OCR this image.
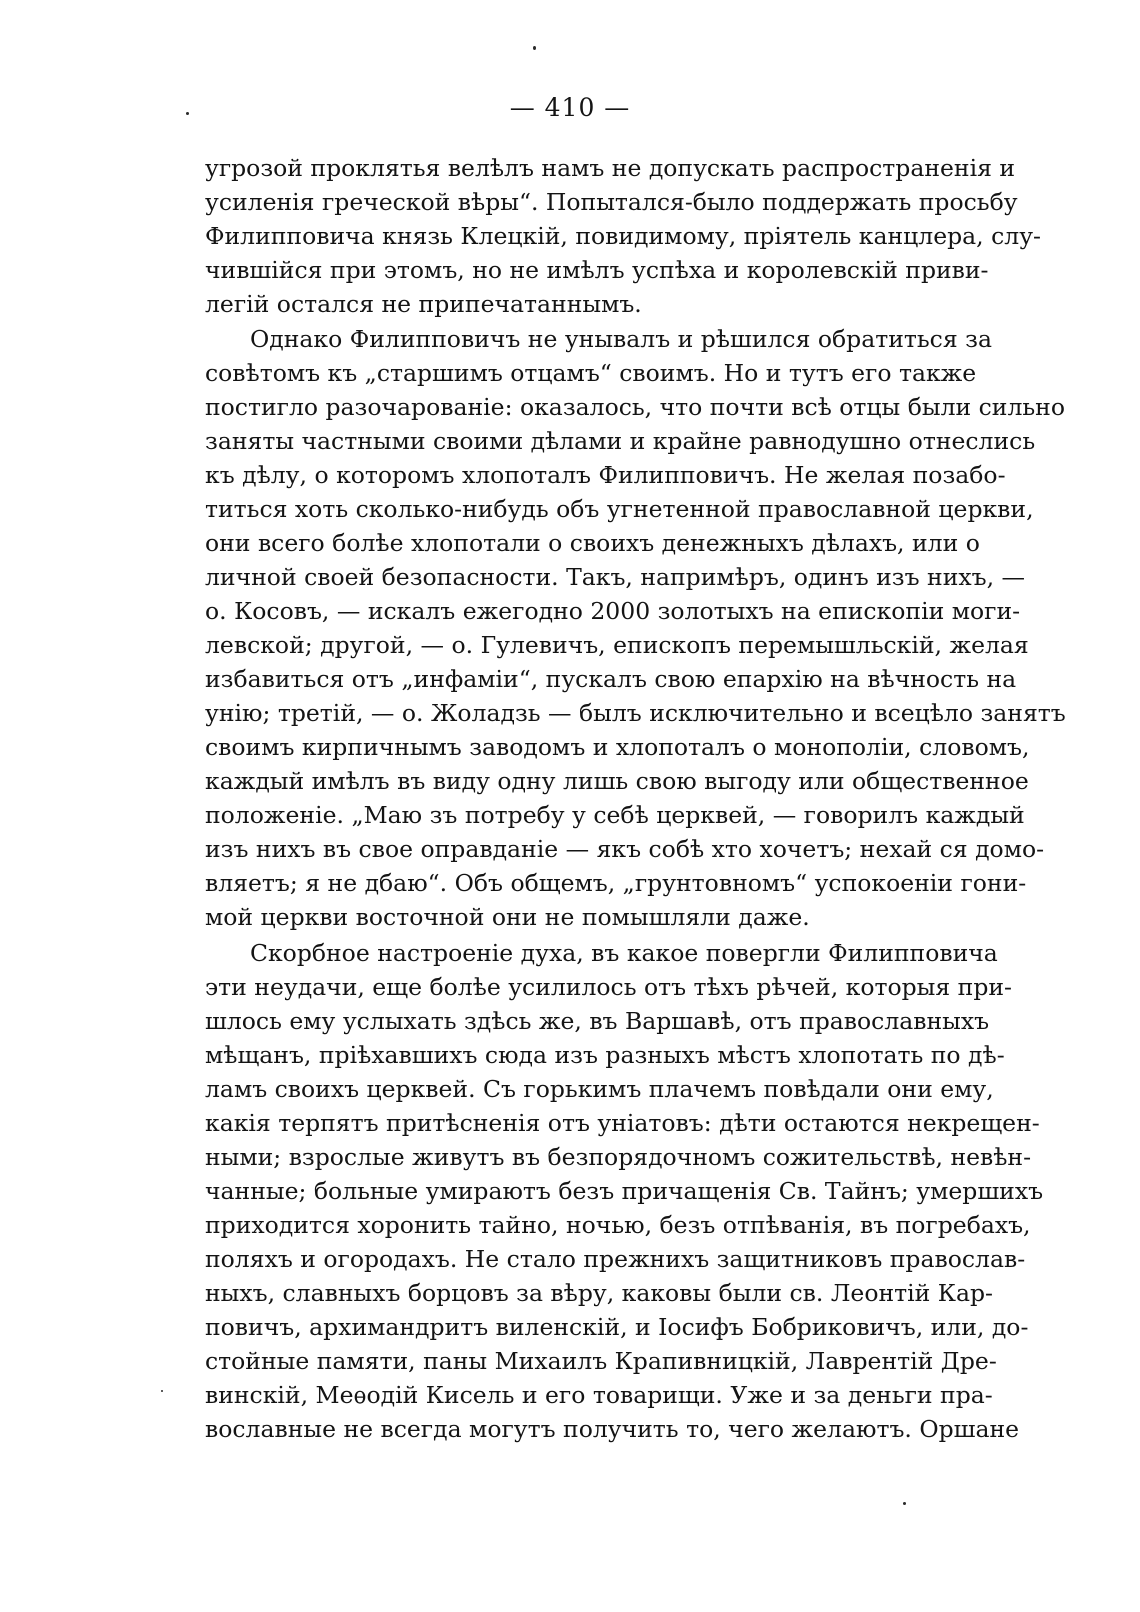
— 410 —
угрозой проклятья велѣлъ намъ не допускать распространенія и
усиленія греческой вѣры“. Попытался-было поддержать просьбу
Филипповича князь Клецкій, повидимому, пріятель канцлера, слу-
чившійся при этомъ, но не имѣлъ успѣха и королевскій приви-
легій остался не припечатаннымъ.
Однако Филипповичъ не унывалъ и рѣшился обратиться за
совѣтомъ къ „старшимъ отцамъ“ своимъ. Но и тутъ его также
постигло разочарованіе: оказалось, что почти всѣ отцы были сильно
заняты частными своими дѣлами и крайне равнодушно отнеслись
къ дѣлу, о которомъ хлопоталъ Филипповичъ. Не желая позабо-
титься хоть сколько-нибудь объ угнетенной православной церкви,
они всего болѣе хлопотали о своихъ денежныхъ дѣлахъ, или о
личной своей безопасности. Такъ, напримѣръ, одинъ изъ нихъ, —
о. Косовъ, — искалъ ежегодно 2000 золотыхъ на епископіи моги-
левской; другой, — о. Гулевичъ, епископъ перемышльскій, желая
избавиться отъ „инфаміи“, пускалъ свою епархію на вѣчность на
унію; третій, — о. Жоладзь — былъ исключительно и всецѣло занятъ
своимъ кирпичнымъ заводомъ и хлопоталъ о монополіи, словомъ,
каждый имѣлъ въ виду одну лишь свою выгоду или общественное
положеніе. „Маю зъ потребу у себѣ церквей, — говорилъ каждый
изъ нихъ въ свое оправданіе — якъ собѣ хто хочетъ; нехай ся домо-
вляетъ; я не дбаю“. Объ общемъ, „грунтовномъ“ успокоеніи гони-
мой церкви восточной они не помышляли даже.
Скорбное настроеніе духа, въ какое повергли Филипповича
эти неудачи, еще болѣе усилилось отъ тѣхъ рѣчей, которыя при-
шлось ему услыхать здѣсь же, въ Варшавѣ, отъ православныхъ
мѣщанъ, пріѣхавшихъ сюда изъ разныхъ мѣстъ хлопотать по дѣ-
ламъ своихъ церквей. Съ горькимъ плачемъ повѣдали они ему,
какія терпятъ притѣсненія отъ уніатовъ: дѣти остаются некрещен-
ными; взрослые живутъ въ безпорядочномъ сожительствѣ, невѣн-
чанные; больные умираютъ безъ причащенія Св. Тайнъ; умершихъ
приходится хоронить тайно, ночью, безъ отпѣванія, въ погребахъ,
поляхъ и огородахъ. Не стало прежнихъ защитниковъ православ-
ныхъ, славныхъ борцовъ за вѣру, каковы были св. Леонтій Кар-
повичъ, архимандритъ виленскій, и Іосифъ Бобриковичъ, или, до-
стойные памяти, паны Михаилъ Крапивницкій, Лаврентій Дре-
винскій, Меѳодій Кисель и его товарищи. Уже и за деньги пра-
вославные не всегда могутъ получить то, чего желаютъ. Оршане
